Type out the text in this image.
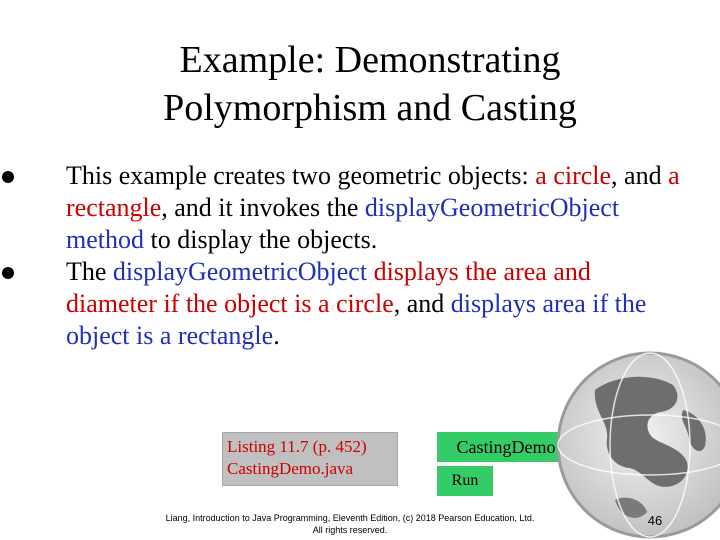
Example: Demonstrating
Polymorphism and Casting
This example creates two geometric objects: a circle, and a rectangle, and it invokes the displayGeometricObject method to display the objects.
The displayGeometricObject displays the area and diameter if the object is a circle, and displays area if the object is a rectangle.
Listing 11.7 (p. 452)
CastingDemo.java
CastingDemo
Run
Liang, Introduction to Java Programming, Eleventh Edition, (c) 2018 Pearson Education, Ltd.
All rights reserved.
46
